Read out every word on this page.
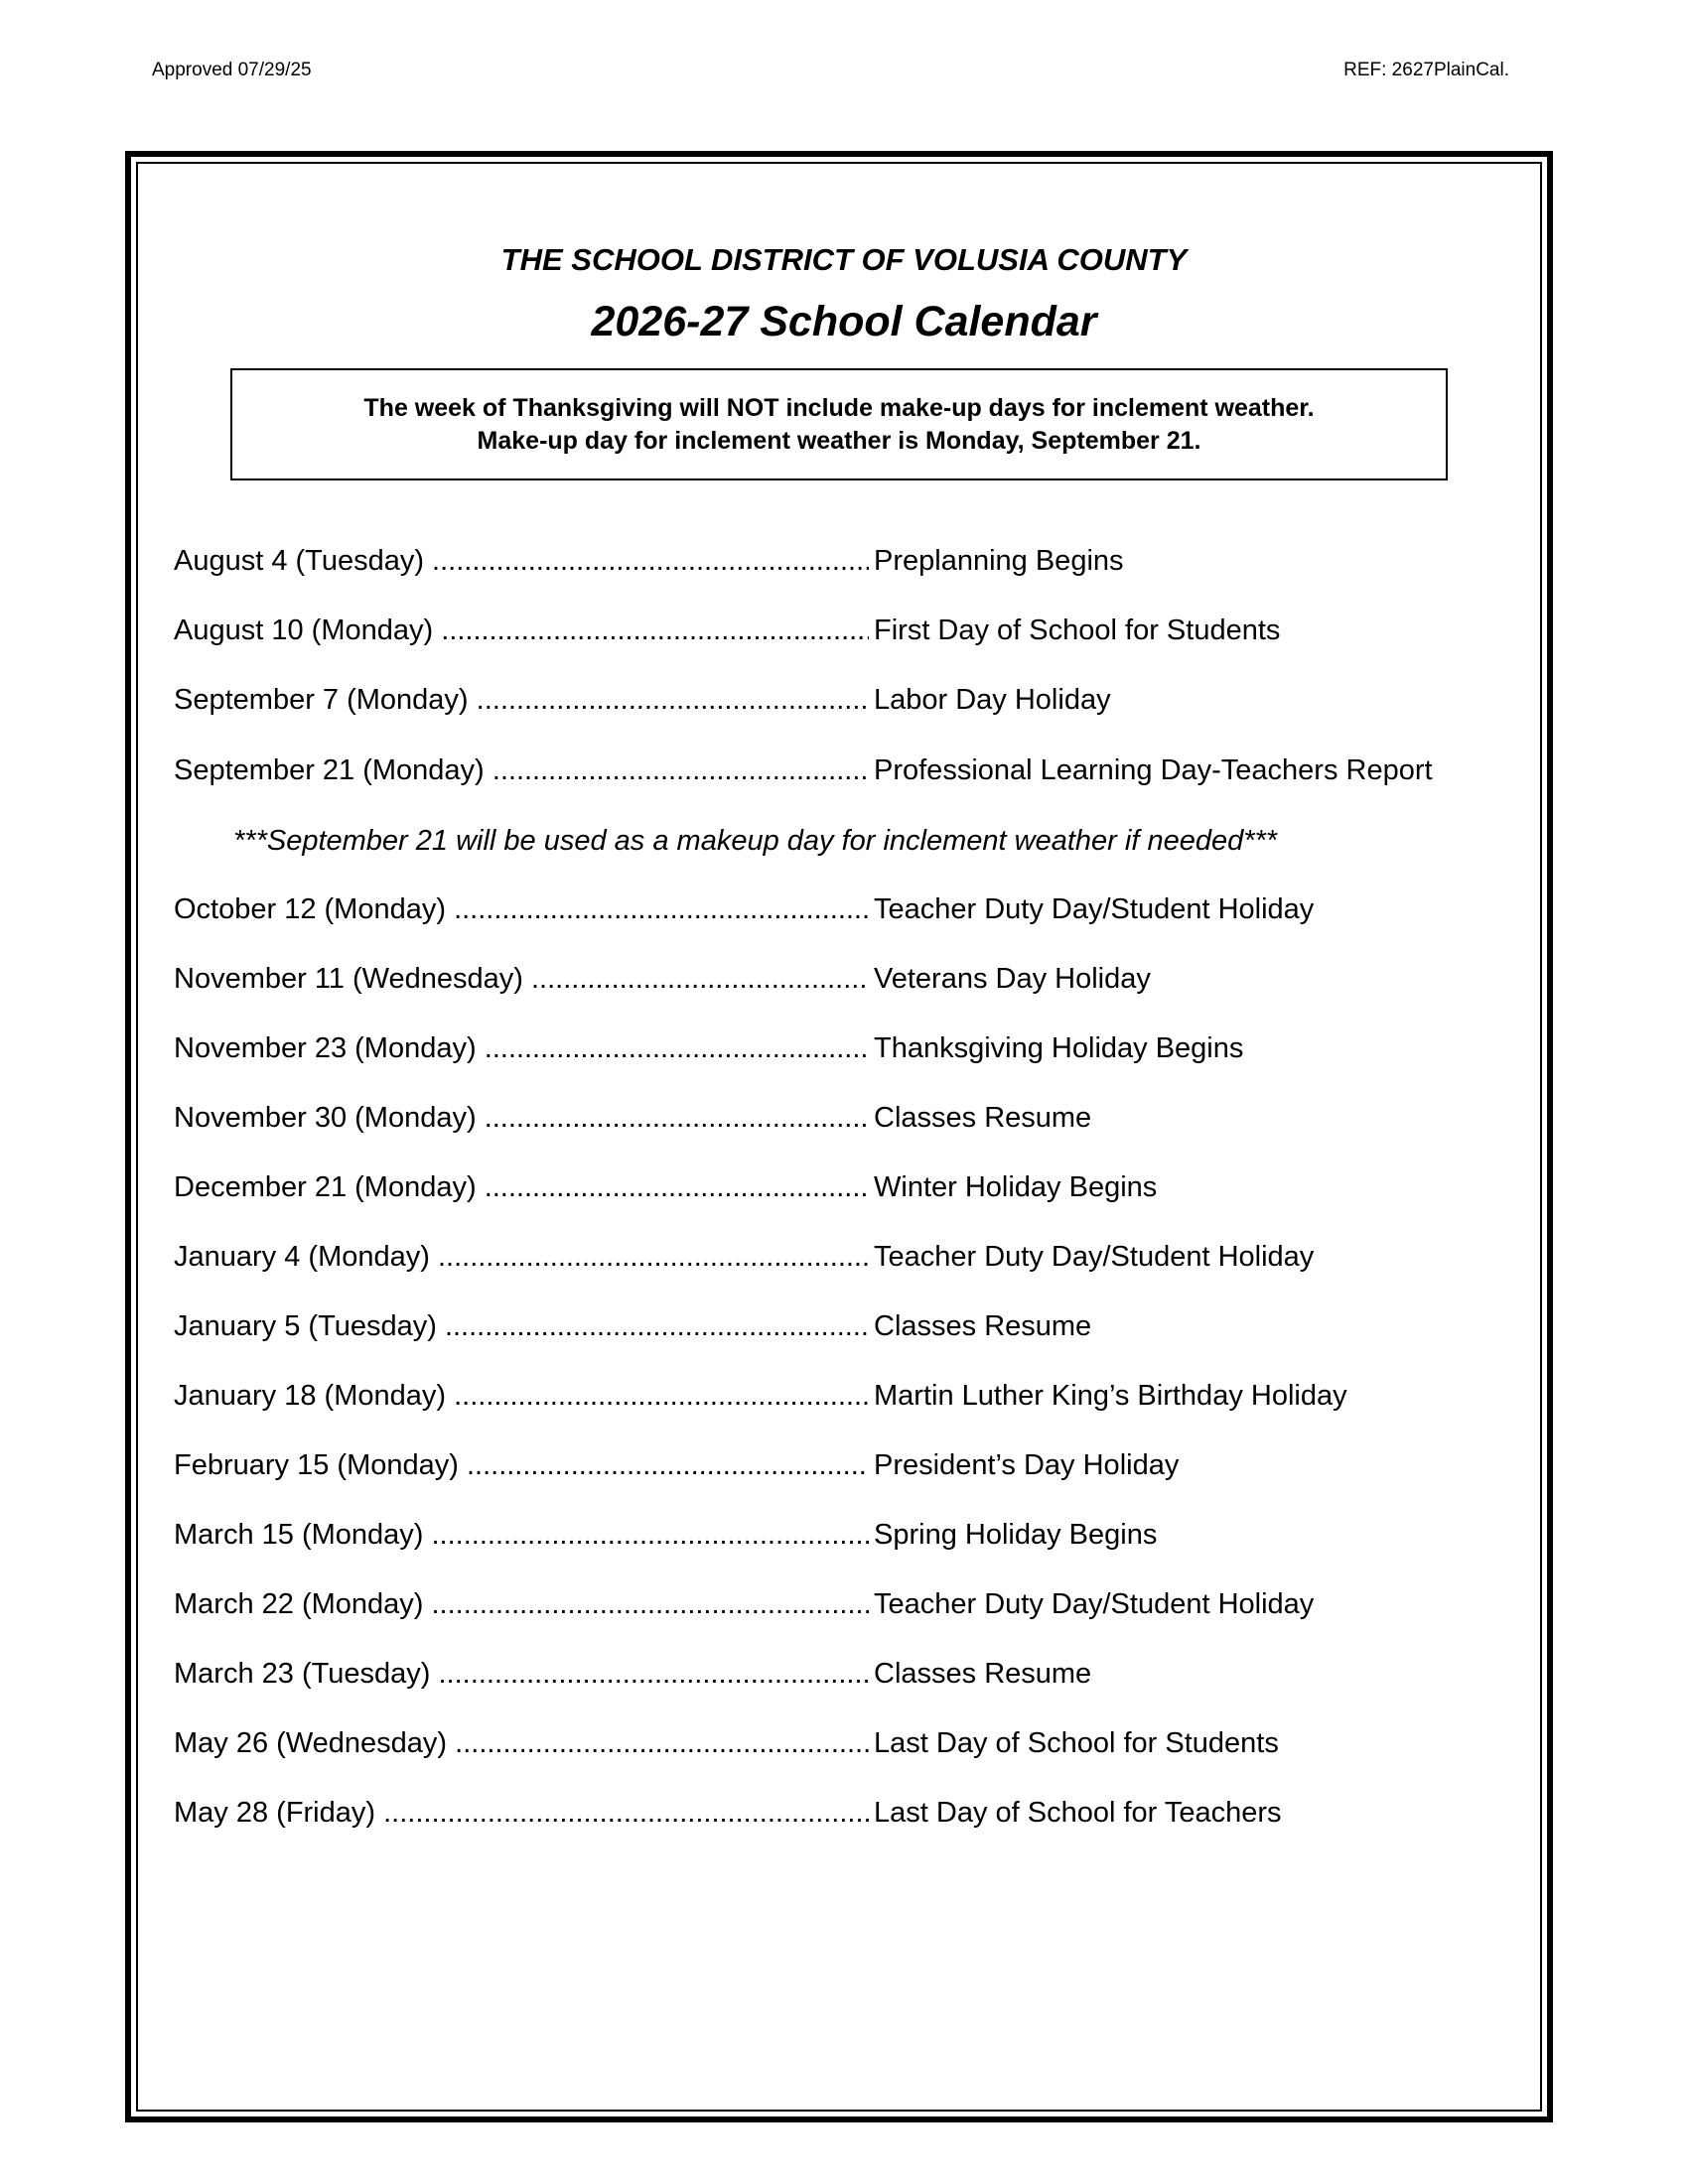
Approved 07/29/25	REF: 2627PlainCal.
THE SCHOOL DISTRICT OF VOLUSIA COUNTY
2026-27 School Calendar
The week of Thanksgiving will NOT include make-up days for inclement weather.
Make-up day for inclement weather is Monday, September 21.
August 4 (Tuesday) .....	Preplanning Begins
August 10 (Monday) .....	First Day of School for Students
September 7 (Monday) .....	Labor Day Holiday
September 21 (Monday) .....	Professional Learning Day-Teachers Report
***September 21 will be used as a makeup day for inclement weather if needed***
October 12 (Monday) .....	Teacher Duty Day/Student Holiday
November 11 (Wednesday) .....	Veterans Day Holiday
November 23 (Monday) .....	Thanksgiving Holiday Begins
November 30 (Monday) .....	Classes Resume
December 21 (Monday) .....	Winter Holiday Begins
January 4 (Monday) .....	Teacher Duty Day/Student Holiday
January 5 (Tuesday) .....	Classes Resume
January 18 (Monday) .....	Martin Luther King’s Birthday Holiday
February 15 (Monday) .....	President’s Day Holiday
March 15 (Monday) .....	Spring Holiday Begins
March 22 (Monday) .....	Teacher Duty Day/Student Holiday
March 23 (Tuesday) .....	Classes Resume
May 26 (Wednesday) .....	Last Day of School for Students
May 28 (Friday) .....	Last Day of School for Teachers
